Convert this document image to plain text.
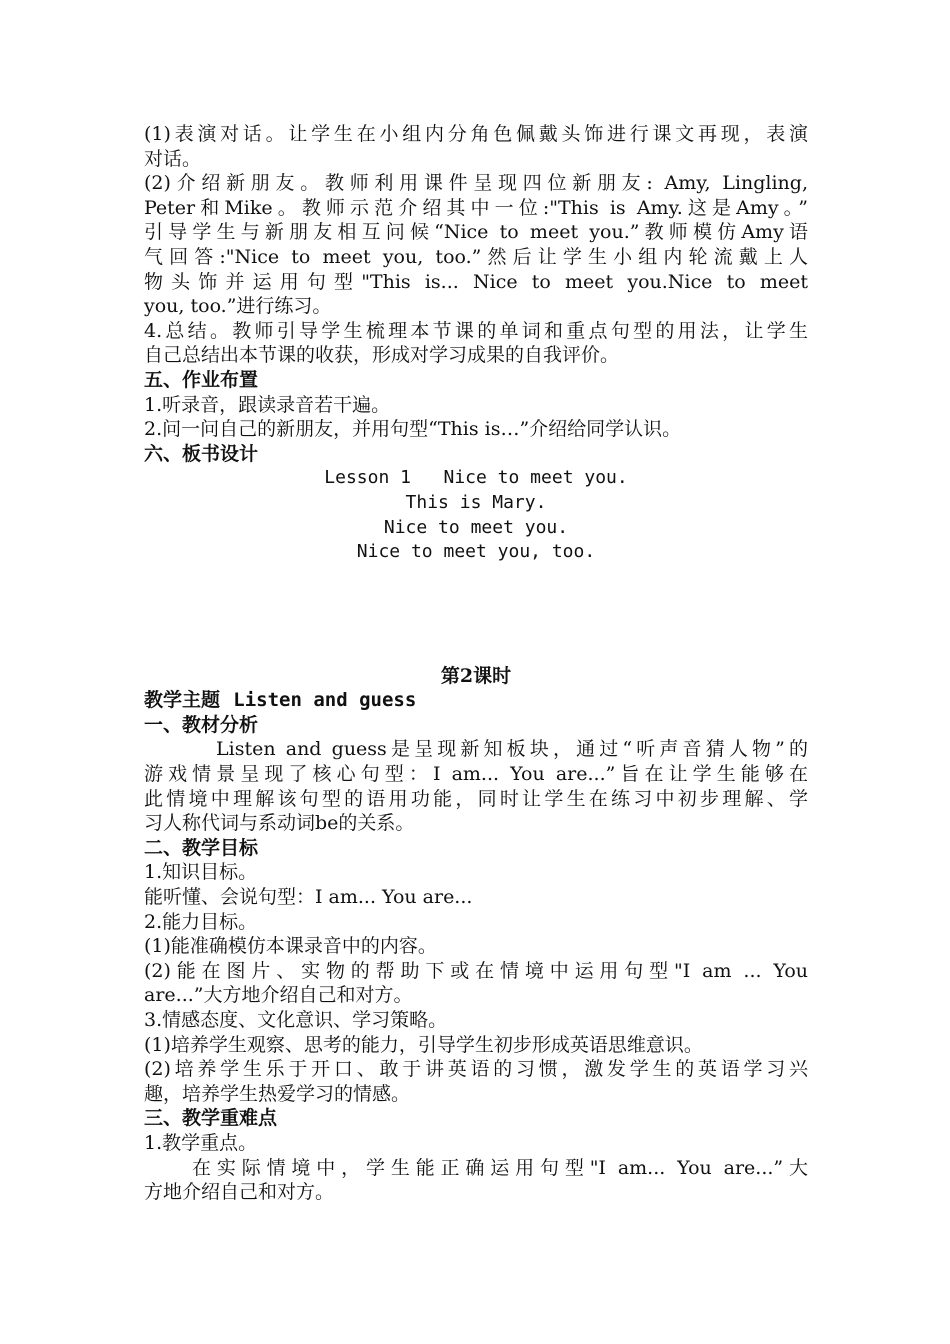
(1)表演对话。让学生在小组内分角色佩戴头饰进行课文再现，表演
对话。
(2)介绍新朋友。教师利用课件呈现四位新朋友: Amy, Lingling,
Peter和Mike。教师示范介绍其中一位:"This is Amy.这是Amy。”
引导学生与新朋友相互问候“Nice to meet you.”教师模仿Amy语
气回答:"Nice to meet you, too.”然后让学生小组内轮流戴上人
物头饰并运用句型"This is... Nice to meet you.Nice to meet
you, too.”进行练习。
4.总结。教师引导学生梳理本节课的单词和重点句型的用法，让学生
自己总结出本节课的收获，形成对学习成果的自我评价。
五、作业布置
1.听录音，跟读录音若干遍。
2.问一问自己的新朋友，并用句型“This is…”介绍给同学认识。
六、板书设计
Lesson 1   Nice to meet you.
This is Mary.
Nice to meet you.
Nice to meet you, too.
第2课时
教学主题 Listen and guess
一、教材分析
Listen and guess是呈现新知板块，通过“听声音猜人物”的
游戏情景呈现了核心句型：I am... You are...”旨在让学生能够在
此情境中理解该句型的语用功能，同时让学生在练习中初步理解、学
习人称代词与系动词be的关系。
二、教学目标
1.知识目标。
能听懂、会说句型：I am... You are...
2.能力目标。
(1)能准确模仿本课录音中的内容。
(2)能在图片、实物的帮助下或在情境中运用句型"I am ... You
are...”大方地介绍自己和对方。
3.情感态度、文化意识、学习策略。
(1)培养学生观察、思考的能力，引导学生初步形成英语思维意识。
(2)培养学生乐于开口、敢于讲英语的习惯，激发学生的英语学习兴
趣，培养学生热爱学习的情感。
三、教学重难点
1.教学重点。
在实际情境中，学生能正确运用句型"I am... You are...”大
方地介绍自己和对方。
